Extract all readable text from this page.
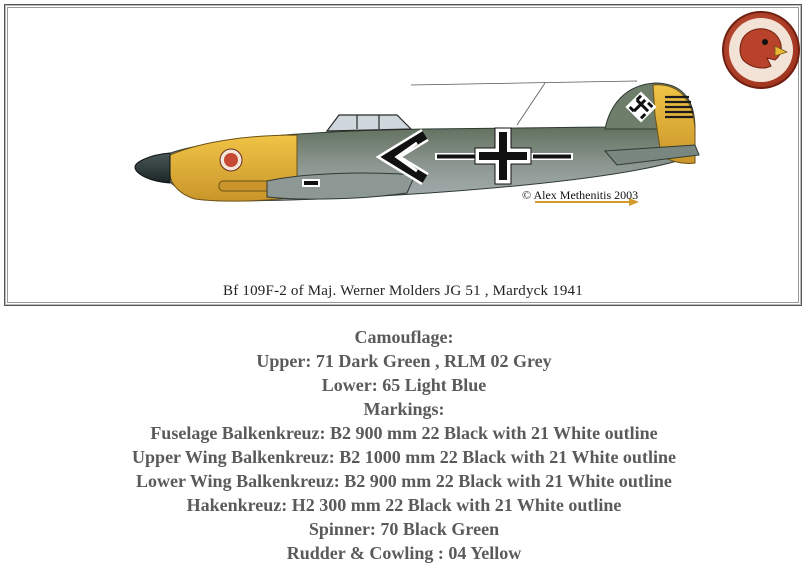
© Alex Methenitis 2003
Bf 109F-2 of Maj. Werner Molders JG 51 , Mardyck 1941
Camouflage:
Upper: 71 Dark Green , RLM 02 Grey
Lower: 65 Light Blue
Markings:
Fuselage Balkenkreuz: B2 900 mm 22 Black with 21 White outline
Upper Wing Balkenkreuz: B2 1000 mm 22 Black with 21 White outline
Lower Wing Balkenkreuz: B2 900 mm 22 Black with 21 White outline
Hakenkreuz: H2 300 mm 22 Black with 21 White outline
Spinner: 70 Black Green
Rudder & Cowling : 04 Yellow
